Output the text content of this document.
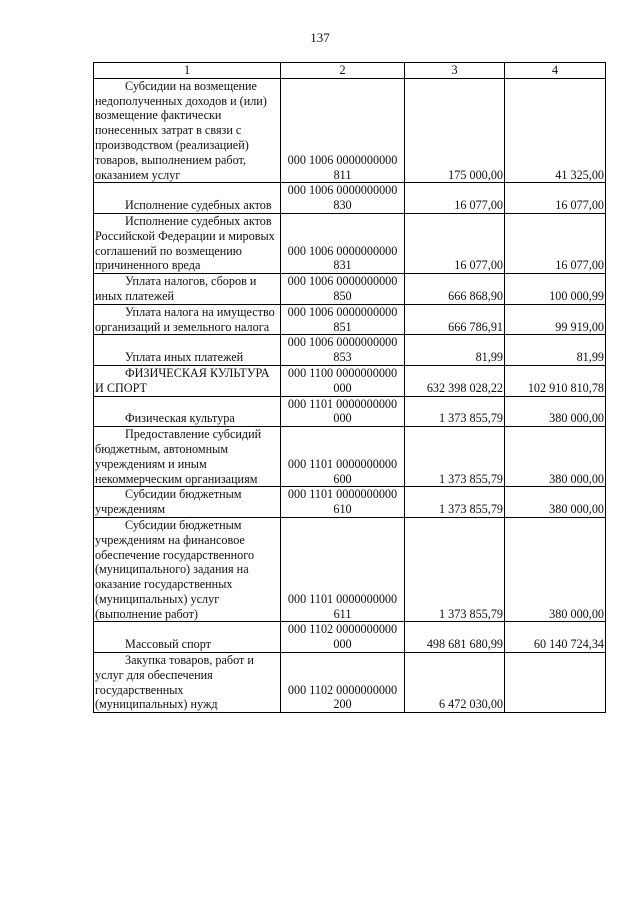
137
1	2	3	4
Субсидии на возмещение недополученных доходов и (или) возмещение фактически понесенных затрат в связи с производством (реализацией) товаров, выполнением работ, оказанием услуг	000 1006 0000000000 811	175 000,00	41 325,00
Исполнение судебных актов	000 1006 0000000000 830	16 077,00	16 077,00
Исполнение судебных актов Российской Федерации и мировых соглашений по возмещению причиненного вреда	000 1006 0000000000 831	16 077,00	16 077,00
Уплата налогов, сборов и иных платежей	000 1006 0000000000 850	666 868,90	100 000,99
Уплата налога на имущество организаций и земельного налога	000 1006 0000000000 851	666 786,91	99 919,00
Уплата иных платежей	000 1006 0000000000 853	81,99	81,99
ФИЗИЧЕСКАЯ КУЛЬТУРА И СПОРТ	000 1100 0000000000 000	632 398 028,22	102 910 810,78
Физическая культура	000 1101 0000000000 000	1 373 855,79	380 000,00
Предоставление субсидий бюджетным, автономным учреждениям и иным некоммерческим организациям	000 1101 0000000000 600	1 373 855,79	380 000,00
Субсидии бюджетным учреждениям	000 1101 0000000000 610	1 373 855,79	380 000,00
Субсидии бюджетным учреждениям на финансовое обеспечение государственного (муниципального) задания на оказание государственных (муниципальных) услуг (выполнение работ)	000 1101 0000000000 611	1 373 855,79	380 000,00
Массовый спорт	000 1102 0000000000 000	498 681 680,99	60 140 724,34
Закупка товаров, работ и услуг для обеспечения государственных (муниципальных) нужд	000 1102 0000000000 200	6 472 030,00	
